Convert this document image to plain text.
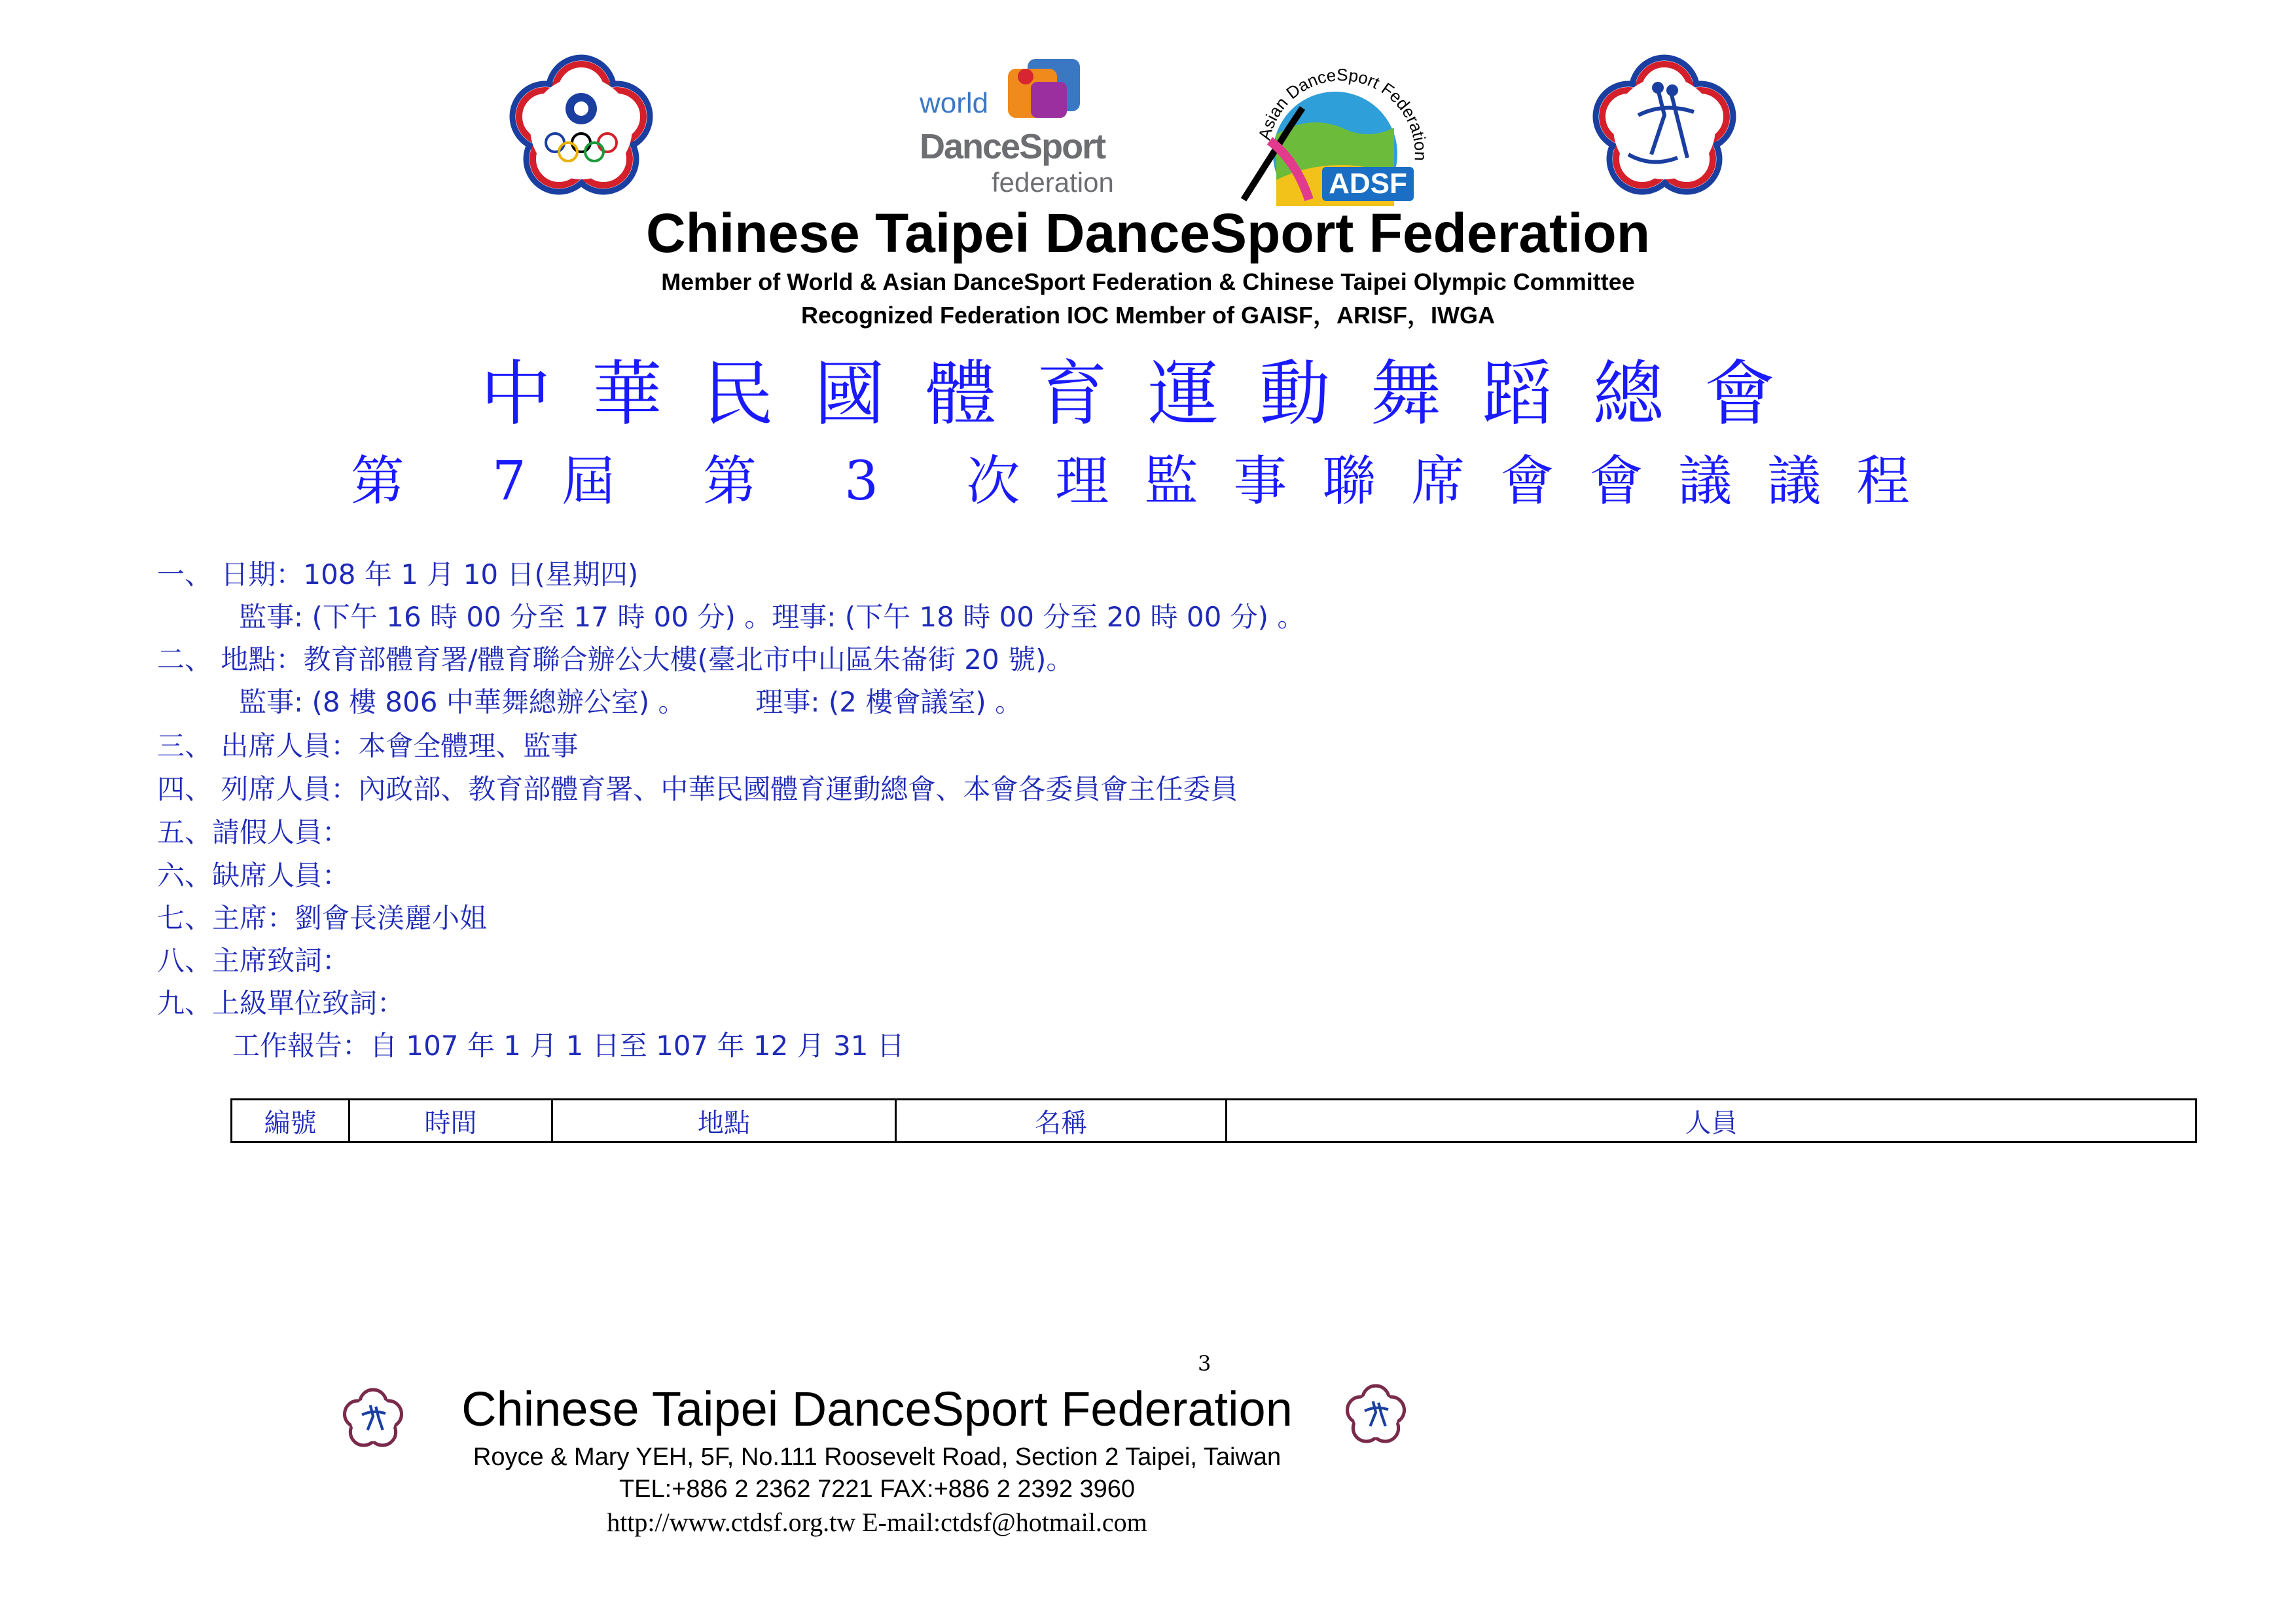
world
DanceSport
federation
Asian DanceSport Federation
ADSF
Chinese Taipei DanceSport Federation
Member of World & Asian DanceSport Federation & Chinese Taipei Olympic Committee
Recognized Federation IOC Member of GAISF，ARISF，IWGA
中華民國體育運動舞蹈總會
第 7屆 第 3 次理監事聯席會會議議程
一、 日期：108 年 1 月 10 日(星期四)
監事: (下午 16 時 00 分至 17 時 00 分) 。理事: (下午 18 時 00 分至 20 時 00 分) 。
二、 地點：教育部體育署/體育聯合辦公大樓(臺北市中山區朱崙街 20 號)。
監事: (8 樓 806 中華舞總辦公室) 。        理事: (2 樓會議室) 。
三、 出席人員：本會全體理、監事
四、 列席人員：內政部、教育部體育署、中華民國體育運動總會、本會各委員會主任委員
五、請假人員：
六、缺席人員：
七、主席：劉會長渼麗小姐
八、主席致詞：
九、上級單位致詞：
工作報告：自 107 年 1 月 1 日至 107 年 12 月 31 日
編號	時間	地點	名稱	人員
3
Chinese Taipei DanceSport Federation
Royce & Mary YEH, 5F, No.111 Roosevelt Road, Section 2 Taipei, Taiwan
TEL:+886 2 2362 7221 FAX:+886 2 2392 3960
http://www.ctdsf.org.tw E-mail:ctdsf@hotmail.com
